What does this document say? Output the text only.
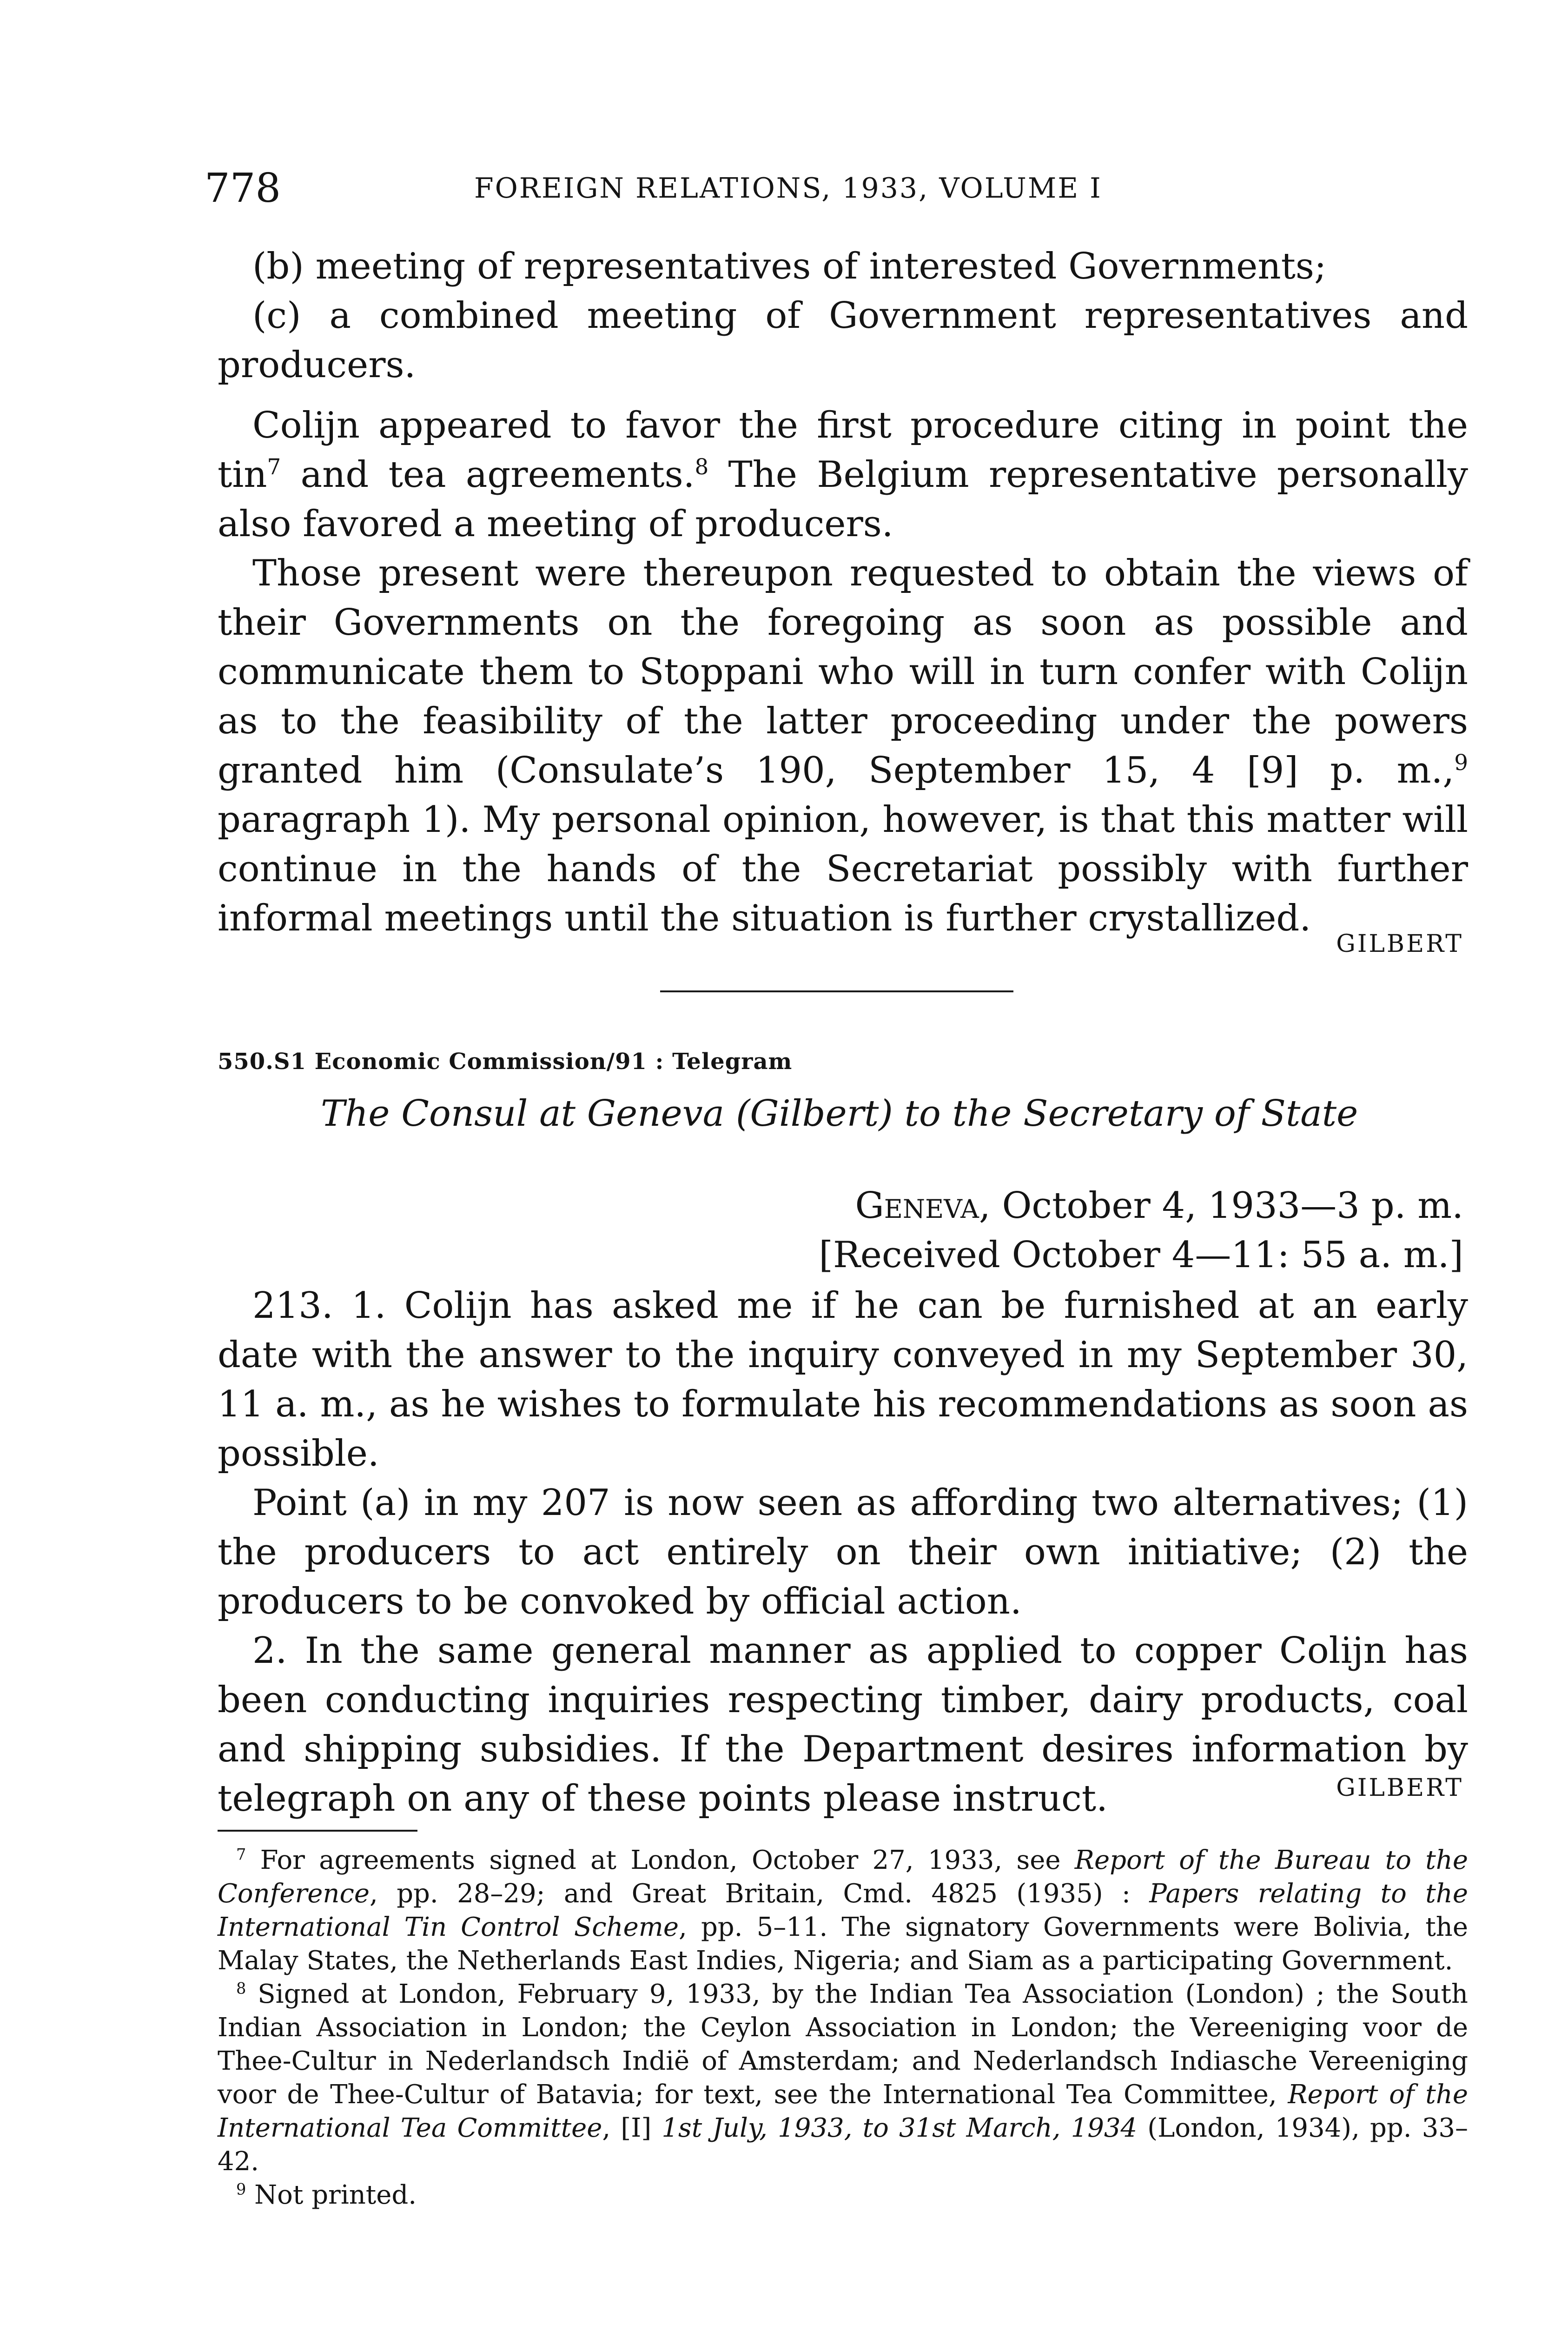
778	FOREIGN RELATIONS, 1933, VOLUME I

(b) meeting of representatives of interested Governments;

(c) a combined meeting of Government representatives and producers.

Colijn appeared to favor the first procedure citing in point the tin$^7$ and tea agreements.$^8$ The Belgium representative personally also favored a meeting of producers.

Those present were thereupon requested to obtain the views of their Governments on the foregoing as soon as possible and communicate them to Stoppani who will in turn confer with Colijn as to the feasibility of the latter proceeding under the powers granted him (Consulate’s 190, September 15, 4 [9] p. m.,$^9$ paragraph 1). My personal opinion, however, is that this matter will continue in the hands of the Secretariat possibly with further informal meetings until the situation is further crystallized.

GILBERT
550.S1 Economic Commission/91 : Telegram
The Consul at Geneva (Gilbert) to the Secretary of State
Geneva, October 4, 1933—3 p. m.
[Received October 4—11: 55 a. m.]

213. 1. Colijn has asked me if he can be furnished at an early date with the answer to the inquiry conveyed in my September 30, 11 a. m., as he wishes to formulate his recommendations as soon as possible.

Point (a) in my 207 is now seen as affording two alternatives; (1) the producers to act entirely on their own initiative; (2) the producers to be convoked by official action.

2. In the same general manner as applied to copper Colijn has been conducting inquiries respecting timber, dairy products, coal and shipping subsidies. If the Department desires information by telegraph on any of these points please instruct.	GILBERT

$^7$ For agreements signed at London, October 27, 1933, see Report of the Bureau to the Conference, pp. 28–29; and Great Britain, Cmd. 4825 (1935) : Papers relating to the International Tin Control Scheme, pp. 5–11. The signatory Governments were Bolivia, the Malay States, the Netherlands East Indies, Nigeria; and Siam as a participating Government.

$^8$ Signed at London, February 9, 1933, by the Indian Tea Association (London) ; the South Indian Association in London; the Ceylon Association in London; the Vereeniging voor de Thee-Cultur in Nederlandsch Indië of Amsterdam; and Nederlandsch Indiasche Vereeniging voor de Thee-Cultur of Batavia; for text, see the International Tea Committee, Report of the International Tea Committee, [I] 1st July, 1933, to 31st March, 1934 (London, 1934), pp. 33–42.

$^9$ Not printed.
